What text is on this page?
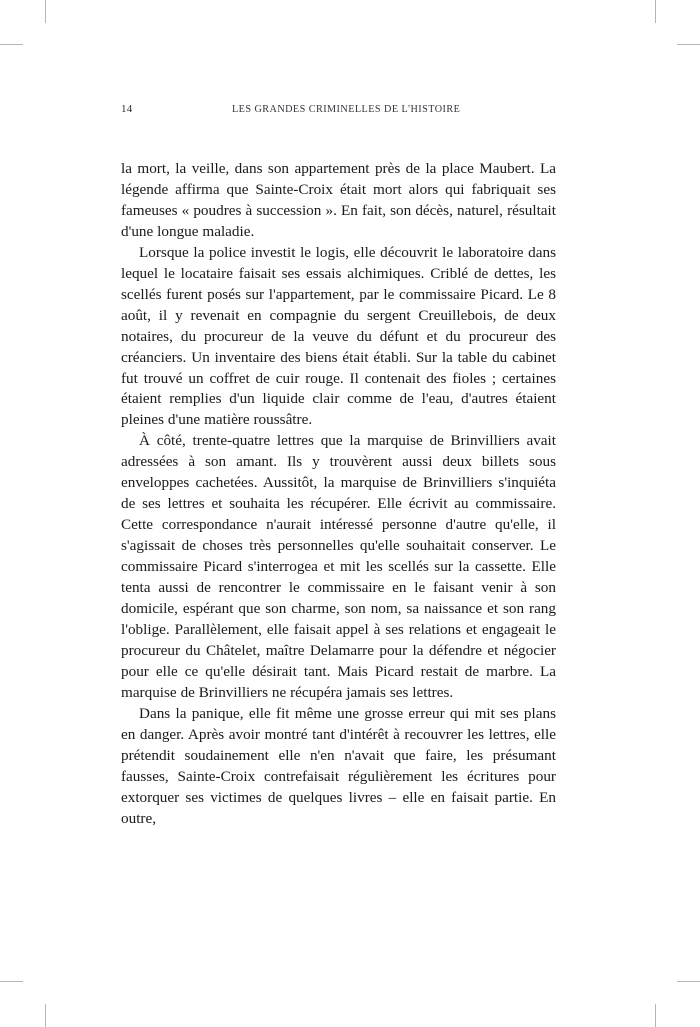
14	LES GRANDES CRIMINELLES DE L'HISTOIRE

la mort, la veille, dans son appartement près de la place Maubert. La légende affirma que Sainte-Croix était mort alors qui fabriquait ses fameuses « poudres à succession ». En fait, son décès, naturel, résultait d'une longue maladie.

Lorsque la police investit le logis, elle découvrit le laboratoire dans lequel le locataire faisait ses essais alchimiques. Criblé de dettes, les scellés furent posés sur l'appartement, par le commissaire Picard. Le 8 août, il y revenait en compagnie du sergent Creuillebois, de deux notaires, du procureur de la veuve du défunt et du procureur des créanciers. Un inventaire des biens était établi. Sur la table du cabinet fut trouvé un coffret de cuir rouge. Il contenait des fioles ; certaines étaient remplies d'un liquide clair comme de l'eau, d'autres étaient pleines d'une matière roussâtre.

À côté, trente-quatre lettres que la marquise de Brinvilliers avait adressées à son amant. Ils y trouvèrent aussi deux billets sous enveloppes cachetées. Aussitôt, la marquise de Brinvilliers s'inquiéta de ses lettres et souhaita les récupérer. Elle écrivit au commissaire. Cette correspondance n'aurait intéressé personne d'autre qu'elle, il s'agissait de choses très personnelles qu'elle souhaitait conserver. Le commissaire Picard s'interrogea et mit les scellés sur la cassette. Elle tenta aussi de rencontrer le commissaire en le faisant venir à son domicile, espérant que son charme, son nom, sa naissance et son rang l'oblige. Parallèlement, elle faisait appel à ses relations et engageait le procureur du Châtelet, maître Delamarre pour la défendre et négocier pour elle ce qu'elle désirait tant. Mais Picard restait de marbre. La marquise de Brinvilliers ne récupéra jamais ses lettres.

Dans la panique, elle fit même une grosse erreur qui mit ses plans en danger. Après avoir montré tant d'intérêt à recouvrer les lettres, elle prétendit soudainement elle n'en n'avait que faire, les présumant fausses, Sainte-Croix contrefaisait régulièrement les écritures pour extorquer ses victimes de quelques livres – elle en faisait partie. En outre,
